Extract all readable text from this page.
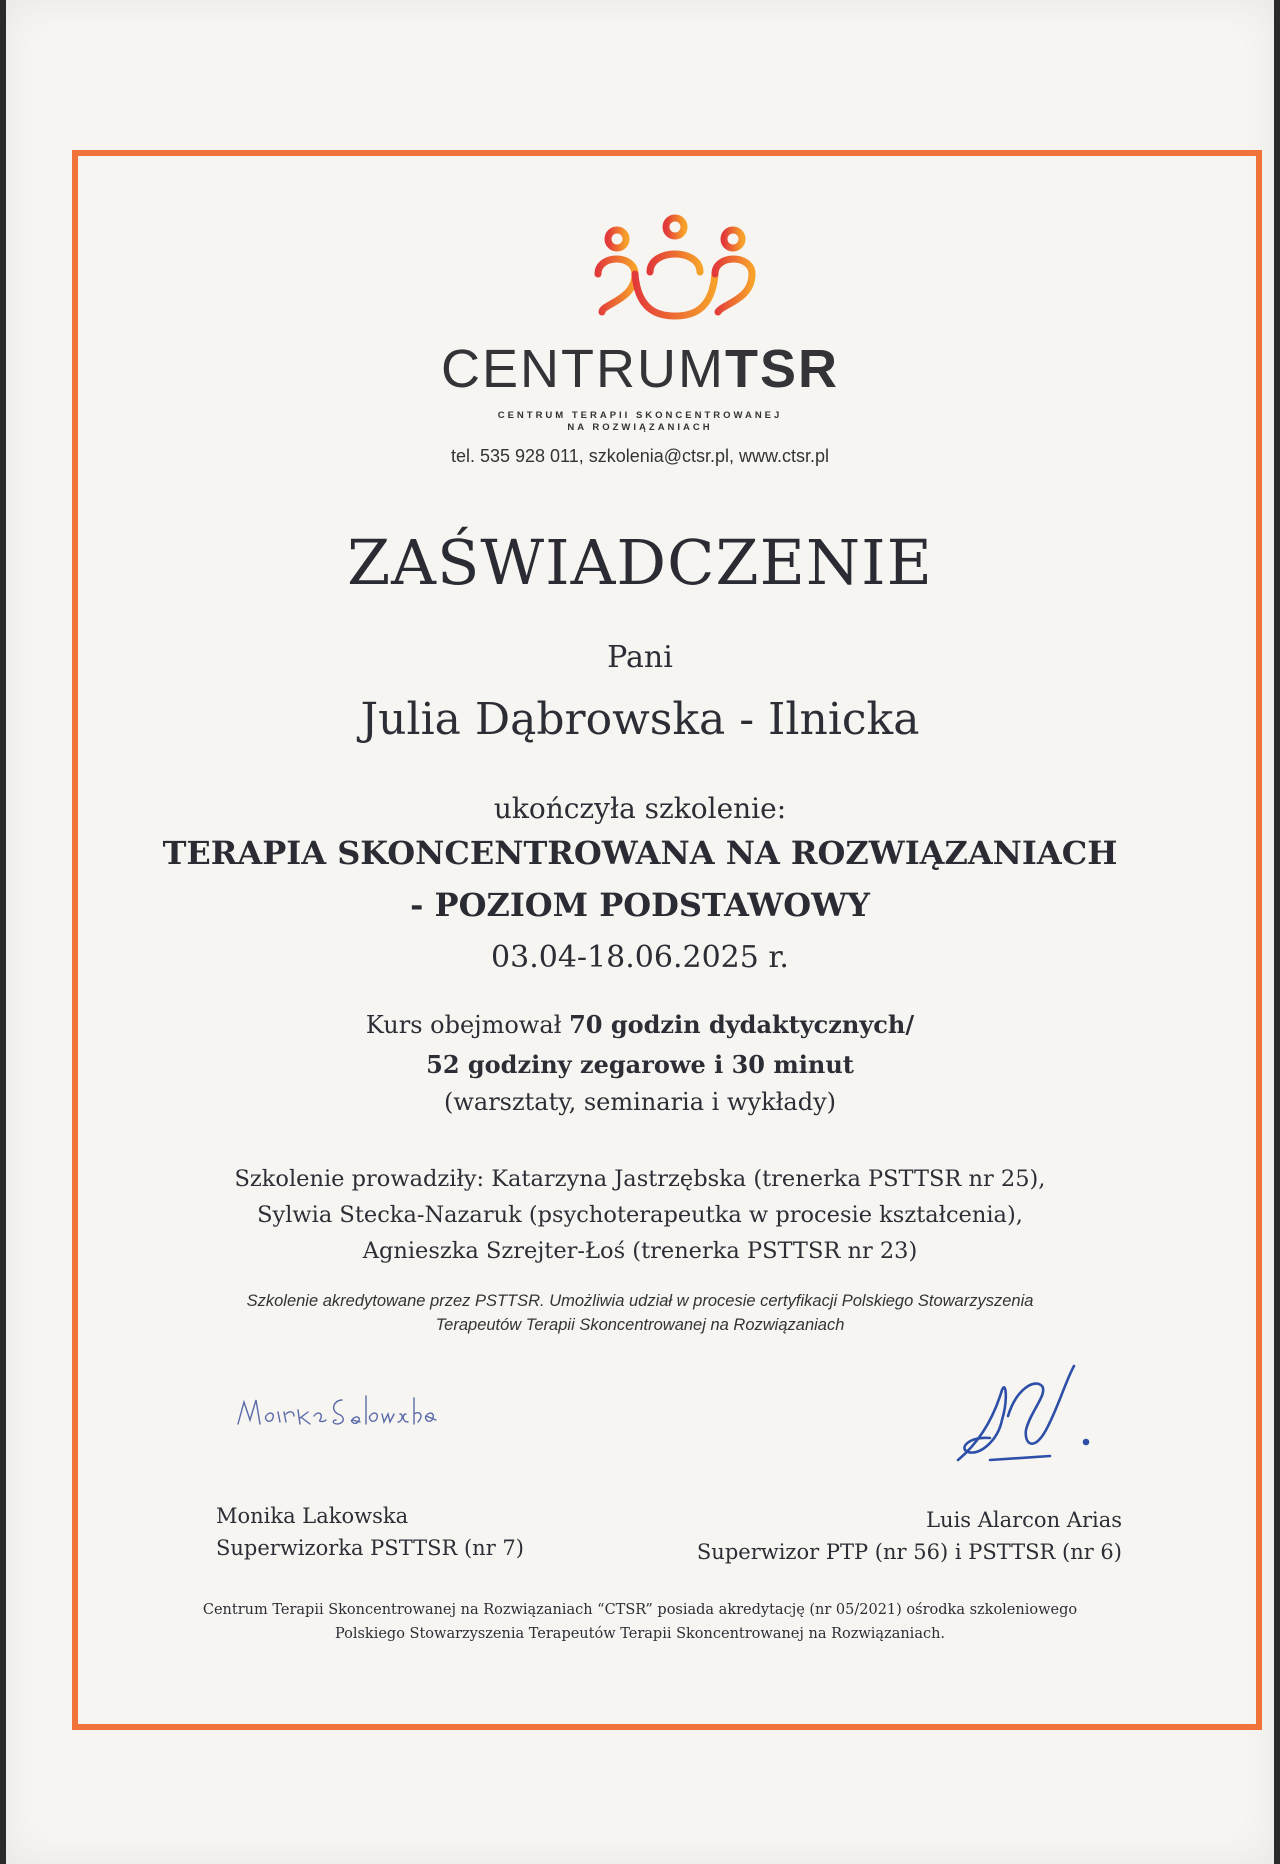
CENTRUMTSR
CENTRUM TERAPII SKONCENTROWANEJ
NA ROZWIĄZANIACH
tel. 535 928 011, szkolenia@ctsr.pl, www.ctsr.pl
ZAŚWIADCZENIE
Pani
Julia Dąbrowska - Ilnicka
ukończyła szkolenie:
TERAPIA SKONCENTROWANA NA ROZWIĄZANIACH
- POZIOM PODSTAWOWY
03.04-18.06.2025 r.
Kurs obejmował 70 godzin dydaktycznych/
52 godziny zegarowe i 30 minut
(warsztaty, seminaria i wykłady)
Szkolenie prowadziły: Katarzyna Jastrzębska (trenerka PSTTSR nr 25),
Sylwia Stecka-Nazaruk (psychoterapeutka w procesie kształcenia),
Agnieszka Szrejter-Łoś (trenerka PSTTSR nr 23)
Szkolenie akredytowane przez PSTTSR. Umożliwia udział w procesie certyfikacji Polskiego Stowarzyszenia
Terapeutów Terapii Skoncentrowanej na Rozwiązaniach
Monika Lakowska
Superwizorka PSTTSR (nr 7)
Luis Alarcon Arias
Superwizor PTP (nr 56) i PSTTSR (nr 6)
Centrum Terapii Skoncentrowanej na Rozwiązaniach “CTSR” posiada akredytację (nr 05/2021) ośrodka szkoleniowego
Polskiego Stowarzyszenia Terapeutów Terapii Skoncentrowanej na Rozwiązaniach.
